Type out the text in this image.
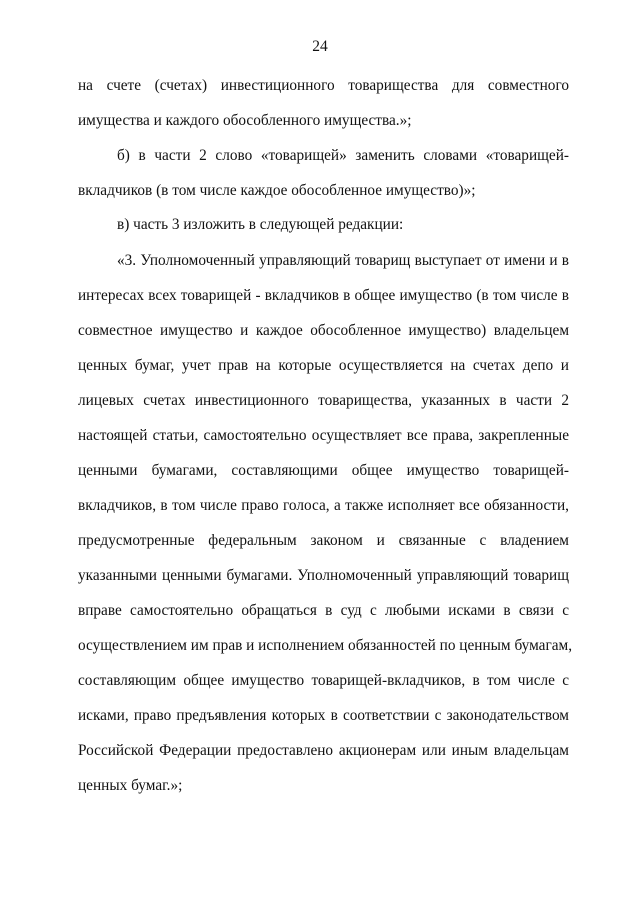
24
на счете (счетах) инвестиционного товарищества для совместного
имущества и каждого обособленного имущества.»;
б) в части 2 слово «товарищей» заменить словами «товарищей-
вкладчиков (в том числе каждое обособленное имущество)»;
в) часть 3 изложить в следующей редакции:
«3. Уполномоченный управляющий товарищ выступает от имени и в
интересах всех товарищей - вкладчиков в общее имущество (в том числе в
совместное имущество и каждое обособленное имущество) владельцем
ценных бумаг, учет прав на которые осуществляется на счетах депо и
лицевых счетах инвестиционного товарищества, указанных в части 2
настоящей статьи, самостоятельно осуществляет все права, закрепленные
ценными бумагами, составляющими общее имущество товарищей-
вкладчиков, в том числе право голоса, а также исполняет все обязанности,
предусмотренные федеральным законом и связанные с владением
указанными ценными бумагами. Уполномоченный управляющий товарищ
вправе самостоятельно обращаться в суд с любыми исками в связи с
осуществлением им прав и исполнением обязанностей по ценным бумагам,
составляющим общее имущество товарищей-вкладчиков, в том числе с
исками, право предъявления которых в соответствии с законодательством
Российской Федерации предоставлено акционерам или иным владельцам
ценных бумаг.»;
